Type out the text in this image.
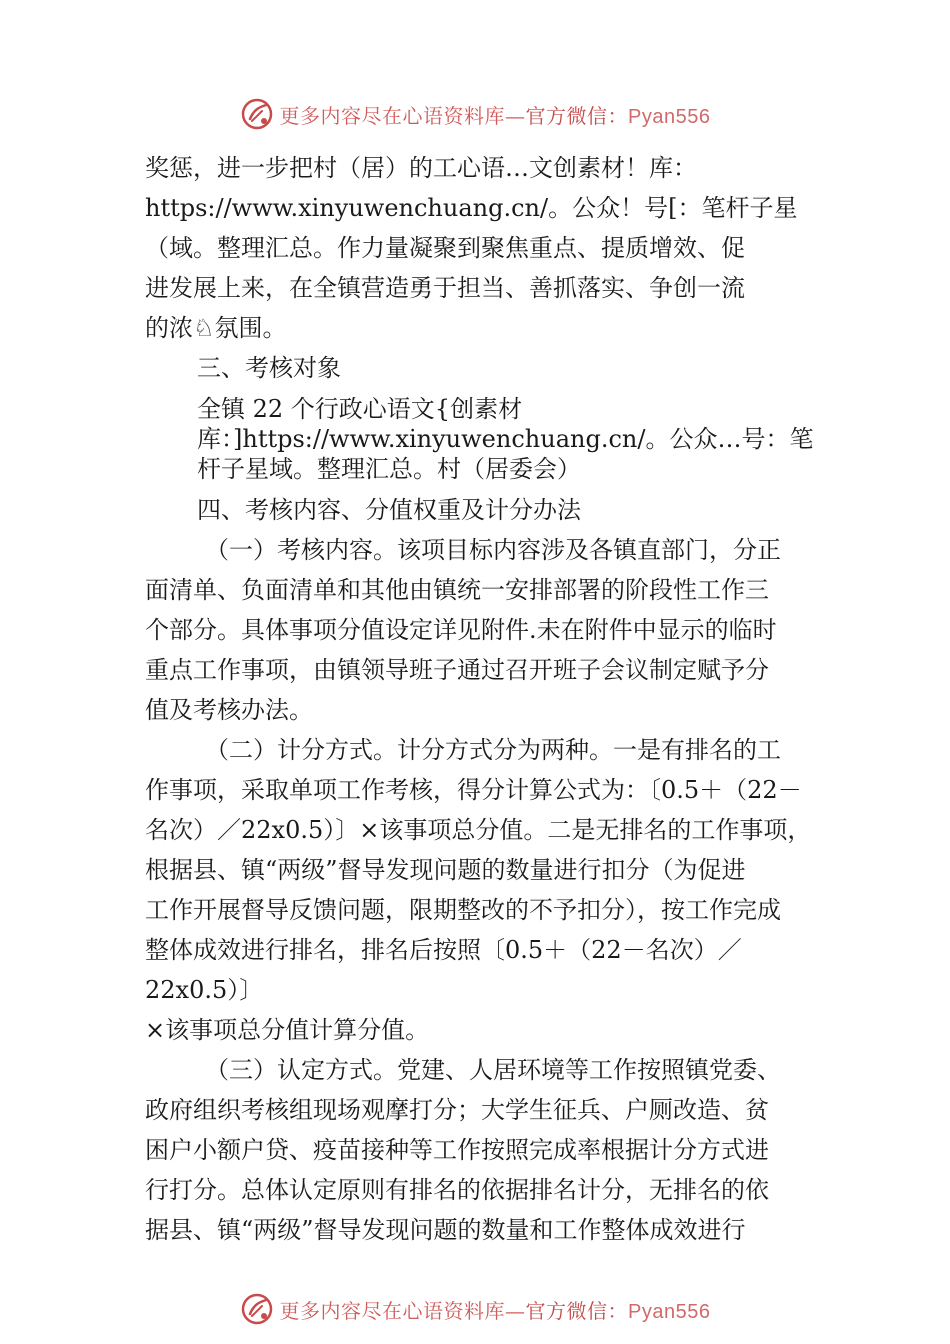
更多内容尽在心语资料库—官方微信：Pyan556
奖惩，进一步把村（居）的工心语…文创素材！库：
https://www.xinyuwenchuang.cn/。公众！号[：笔杆子星
（域。整理汇总。作力量凝聚到聚焦重点、提质增效、促
进发展上来，在全镇营造勇于担当、善抓落实、争创一流
的浓♘氛围。
三、考核对象
全镇 22 个行政心语文{创素材
库：]https://www.xinyuwenchuang.cn/。公众…号：笔
杆子星域。整理汇总。村（居委会）
四、考核内容、分值权重及计分办法
（一）考核内容。该项目标内容涉及各镇直部门，分正
面清单、负面清单和其他由镇统一安排部署的阶段性工作三
个部分。具体事项分值设定详见附件.未在附件中显示的临时
重点工作事项，由镇领导班子通过召开班子会议制定赋予分
值及考核办法。
（二）计分方式。计分方式分为两种。一是有排名的工
作事项，采取单项工作考核，得分计算公式为：〔0.5＋（22－
名次）／22x0.5）〕×该事项总分值。二是无排名的工作事项，
根据县、镇“两级”督导发现问题的数量进行扣分（为促进
工作开展督导反馈问题，限期整改的不予扣分），按工作完成
整体成效进行排名，排名后按照〔0.5＋（22－名次）／
22x0.5）〕
×该事项总分值计算分值。
（三）认定方式。党建、人居环境等工作按照镇党委、
政府组织考核组现场观摩打分；大学生征兵、户厕改造、贫
困户小额户贷、疫苗接种等工作按照完成率根据计分方式进
行打分。总体认定原则有排名的依据排名计分，无排名的依
据县、镇“两级”督导发现问题的数量和工作整体成效进行
更多内容尽在心语资料库—官方微信：Pyan556
